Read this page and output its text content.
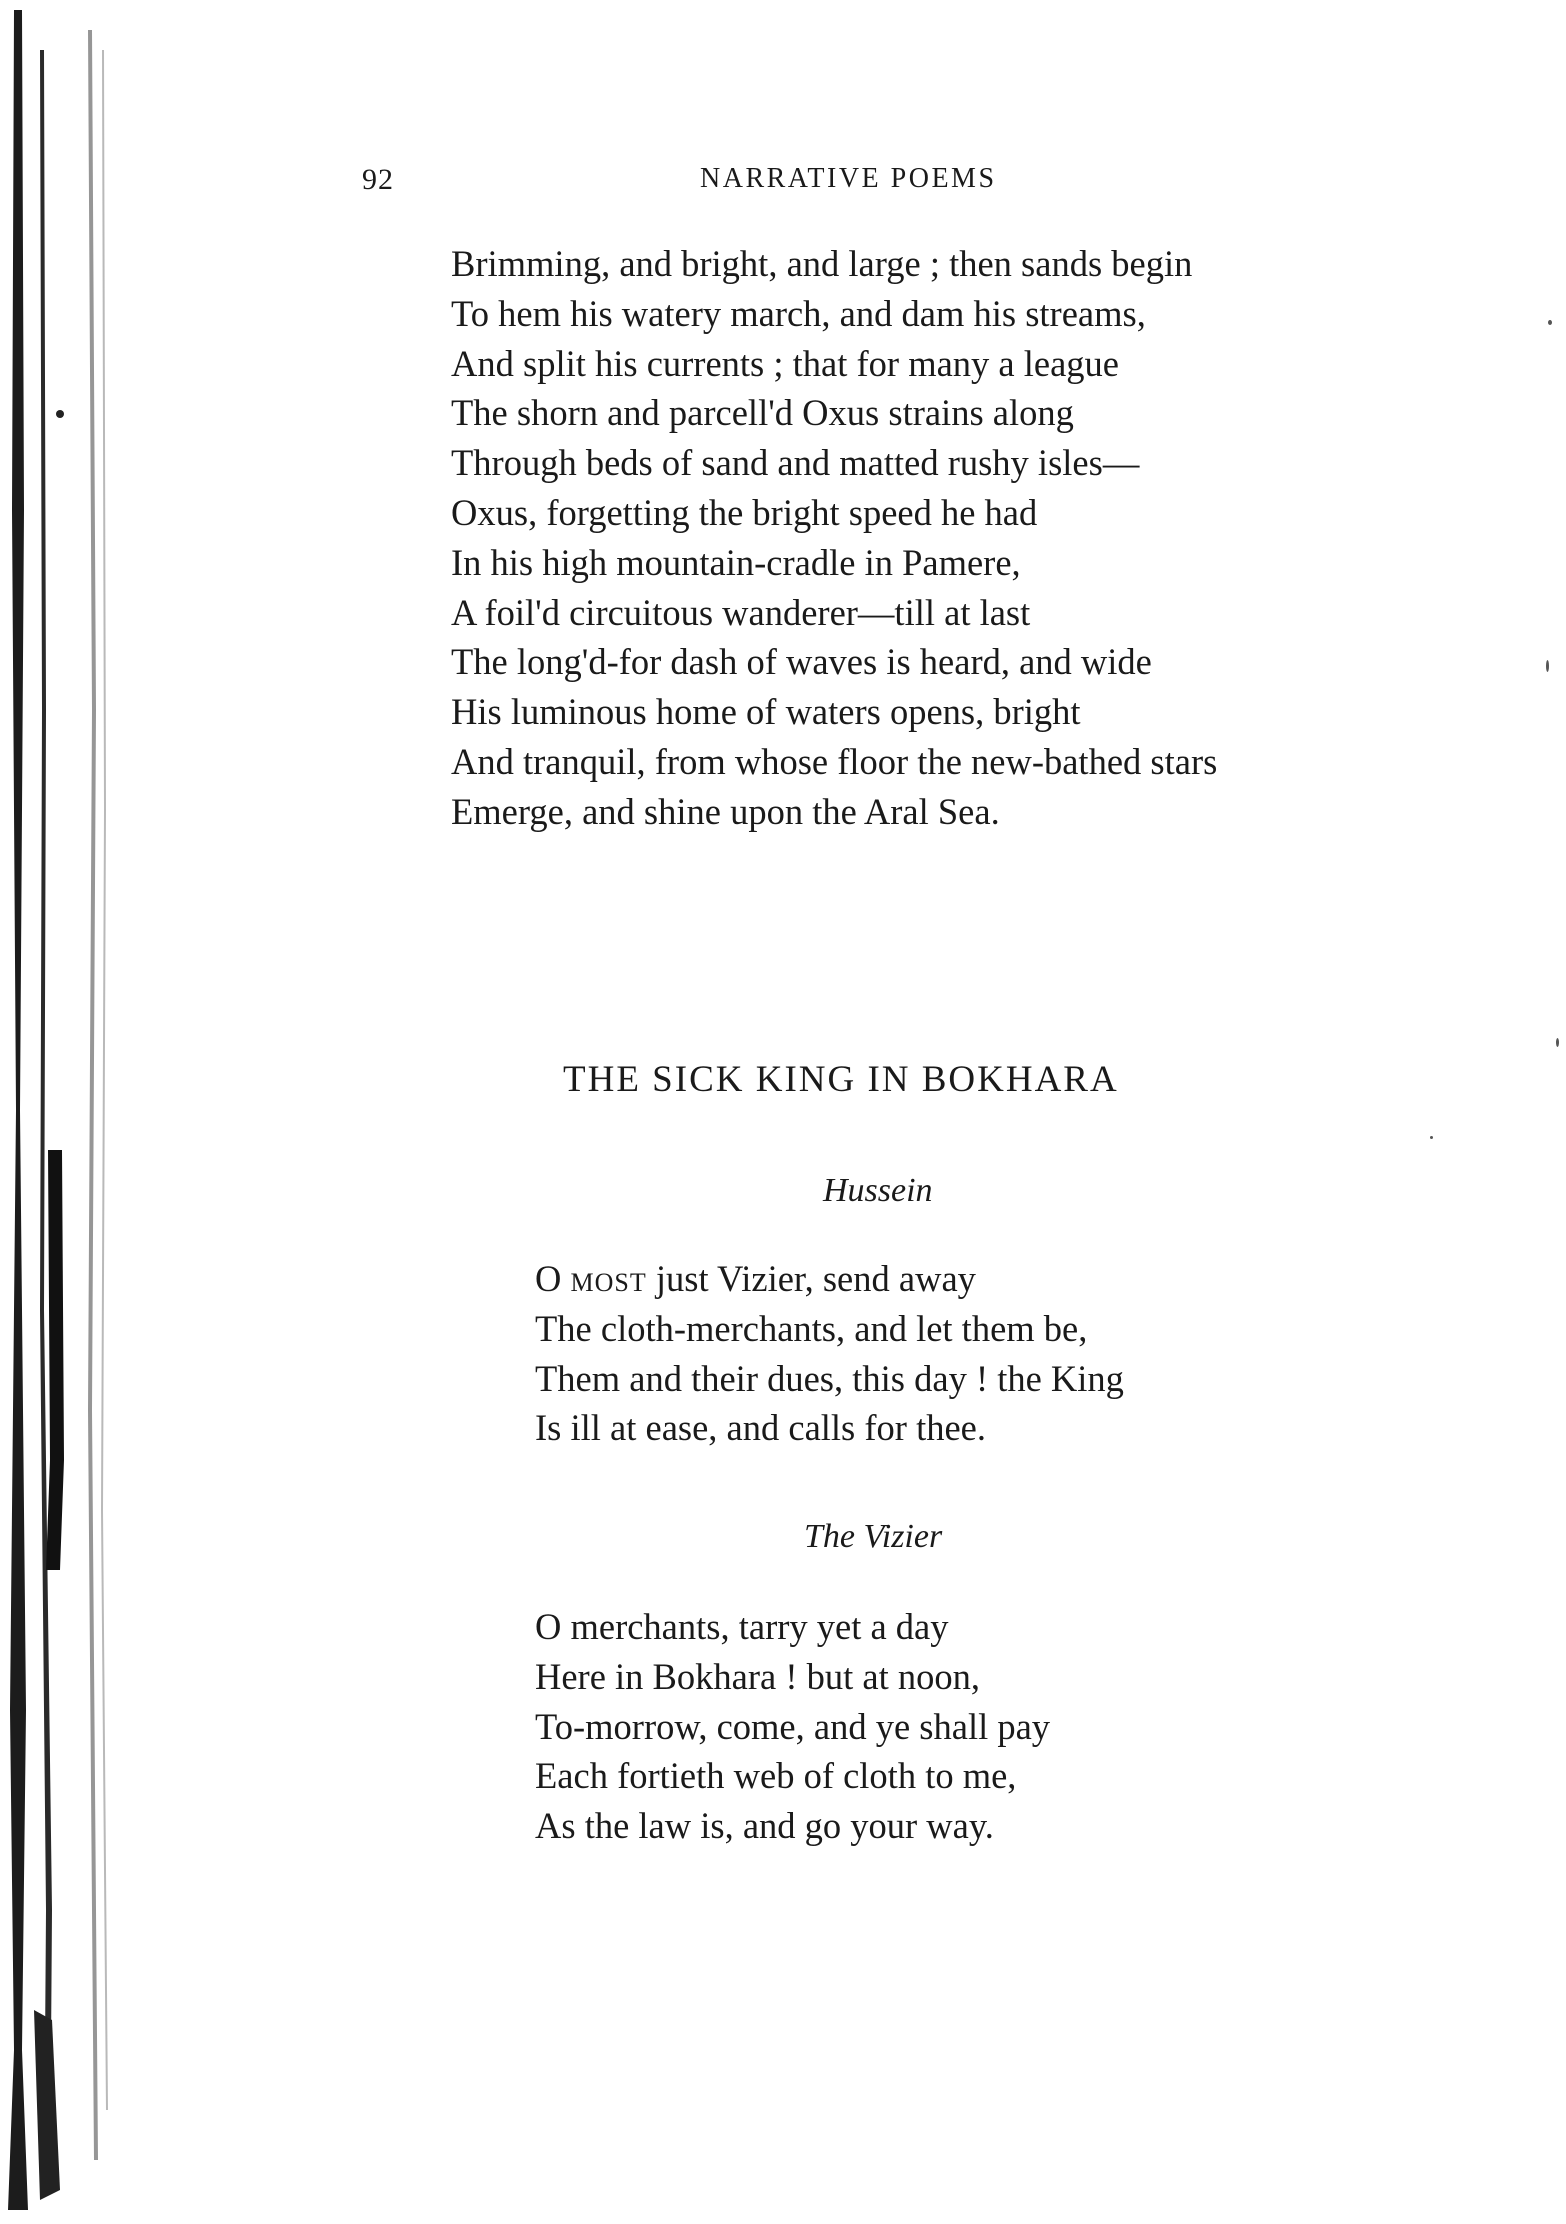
92	NARRATIVE POEMS
Brimming, and bright, and large ; then sands begin
To hem his watery march, and dam his streams,
And split his currents ; that for many a league
The shorn and parcell'd Oxus strains along
Through beds of sand and matted rushy isles—
Oxus, forgetting the bright speed he had
In his high mountain-cradle in Pamere,
A foil'd circuitous wanderer—till at last
The long'd-for dash of waves is heard, and wide
His luminous home of waters opens, bright
And tranquil, from whose floor the new-bathed stars
Emerge, and shine upon the Aral Sea.
THE SICK KING IN BOKHARA
Hussein
O most just Vizier, send away
The cloth-merchants, and let them be,
Them and their dues, this day ! the King
Is ill at ease, and calls for thee.
The Vizier
O merchants, tarry yet a day
Here in Bokhara ! but at noon,
To-morrow, come, and ye shall pay
Each fortieth web of cloth to me,
As the law is, and go your way.
